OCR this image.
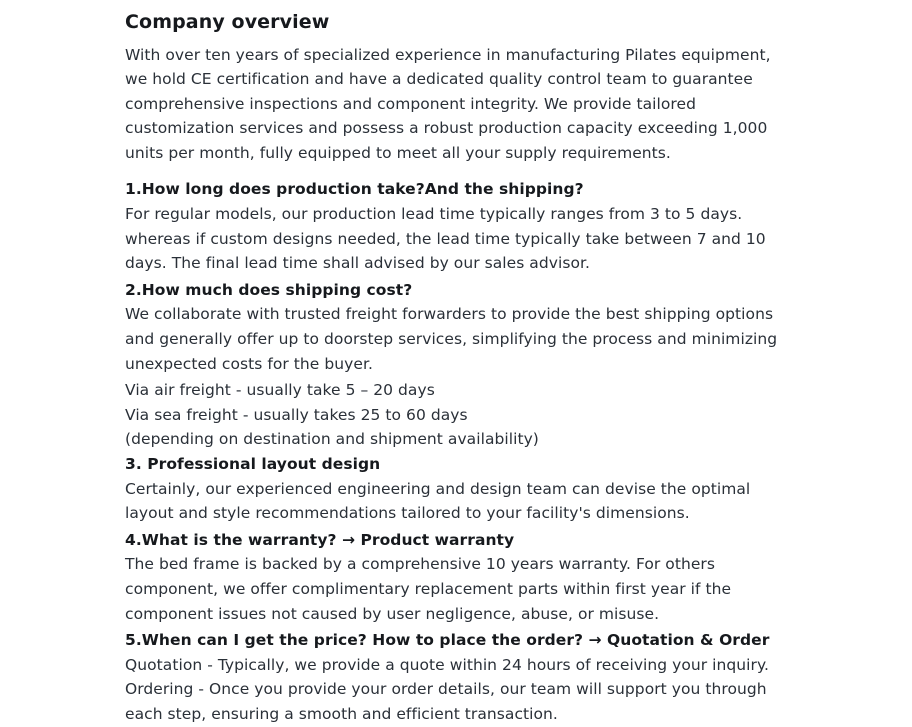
Company overview

With over ten years of specialized experience in manufacturing Pilates equipment, we hold CE certification and have a dedicated quality control team to guarantee comprehensive inspections and component integrity. We provide tailored customization services and possess a robust production capacity exceeding 1,000 units per month, fully equipped to meet all your supply requirements.

1.How long does production take?And the shipping?

For regular models, our production lead time typically ranges from 3 to 5 days. whereas if custom designs needed, the lead time typically take between 7 and 10 days. The final lead time shall advised by our sales advisor.

2.How much does shipping cost?

We collaborate with trusted freight forwarders to provide the best shipping options and generally offer up to doorstep services, simplifying the process and minimizing unexpected costs for the buyer.

Via air freight - usually take 5 – 20 days

Via sea freight - usually takes 25 to 60 days

(depending on destination and shipment availability)

3. Professional layout design

Certainly, our experienced engineering and design team can devise the optimal layout and style recommendations tailored to your facility's dimensions.

4.What is the warranty? → Product warranty

The bed frame is backed by a comprehensive 10 years warranty. For others component, we offer complimentary replacement parts within first year if the component issues not caused by user negligence, abuse, or misuse.

5.When can I get the price? How to place the order? → Quotation & Order

Quotation - Typically, we provide a quote within 24 hours of receiving your inquiry. Ordering - Once you provide your order details, our team will support you through each step, ensuring a smooth and efficient transaction.
